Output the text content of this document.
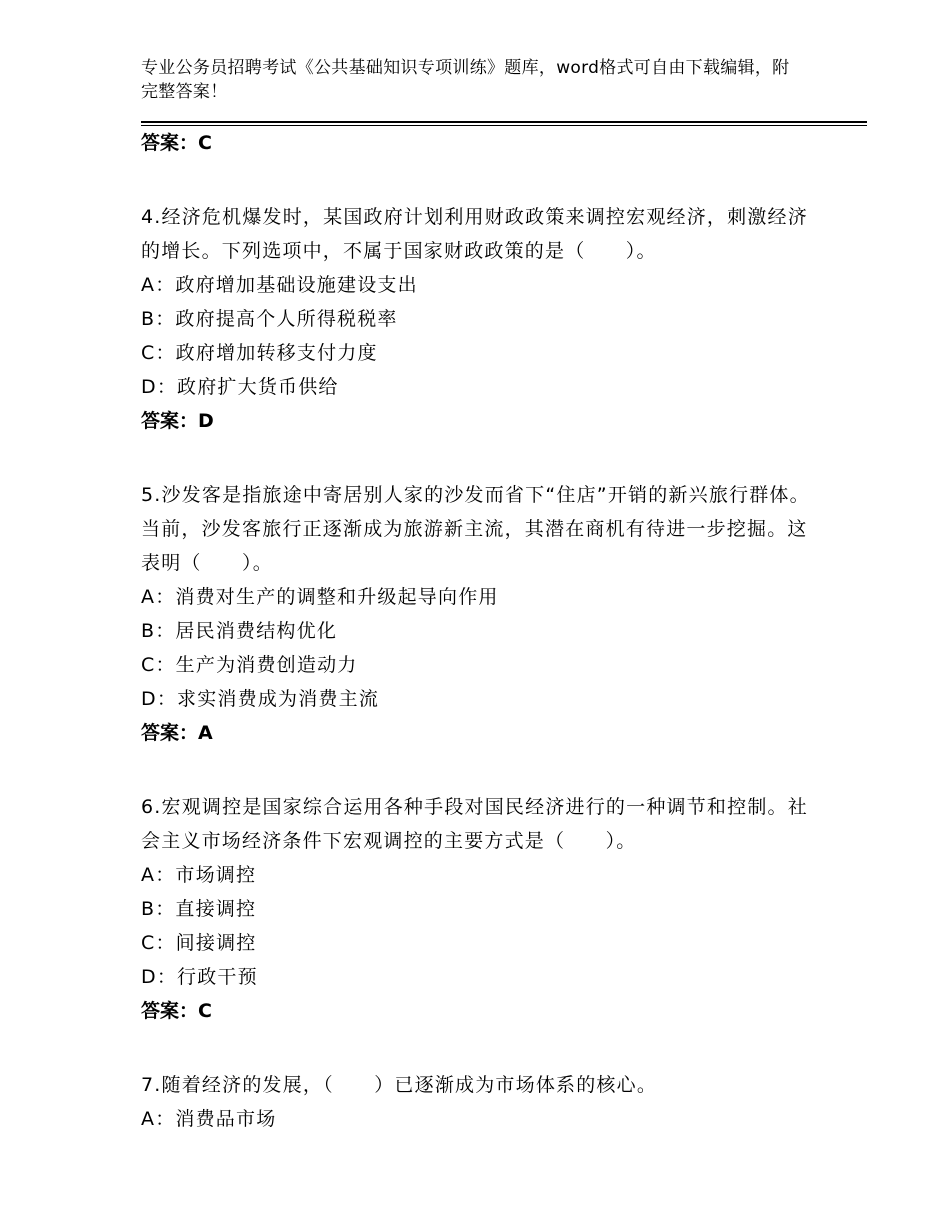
专业公务员招聘考试《公共基础知识专项训练》题库，word格式可自由下载编辑，附完整答案！
答案：C
4.经济危机爆发时，某国政府计划利用财政政策来调控宏观经济，刺激经济的增长。下列选项中，不属于国家财政政策的是（　　）。
A：政府增加基础设施建设支出
B：政府提高个人所得税税率
C：政府增加转移支付力度
D：政府扩大货币供给
答案：D
5.沙发客是指旅途中寄居别人家的沙发而省下“住店”开销的新兴旅行群体。当前，沙发客旅行正逐渐成为旅游新主流，其潜在商机有待进一步挖掘。这表明（　　）。
A：消费对生产的调整和升级起导向作用
B：居民消费结构优化
C：生产为消费创造动力
D：求实消费成为消费主流
答案：A
6.宏观调控是国家综合运用各种手段对国民经济进行的一种调节和控制。社会主义市场经济条件下宏观调控的主要方式是（　　）。
A：市场调控
B：直接调控
C：间接调控
D：行政干预
答案：C
7.随着经济的发展，（　　）已逐渐成为市场体系的核心。
A：消费品市场
